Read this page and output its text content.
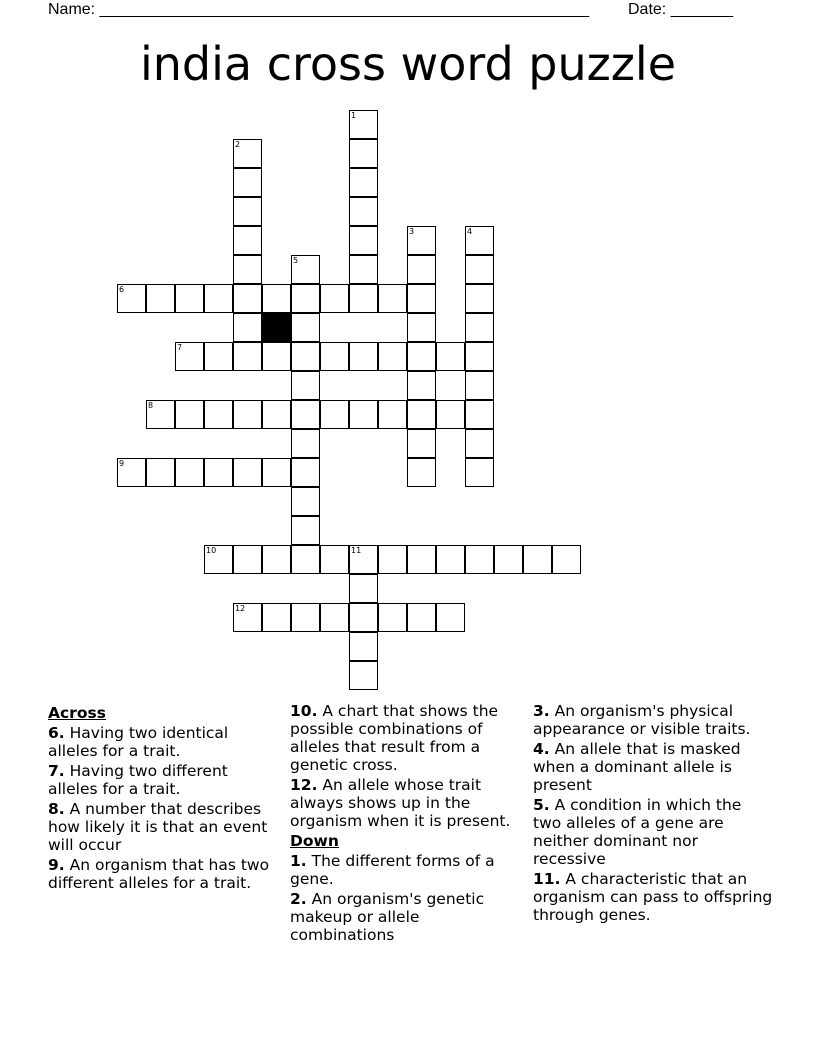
Name: _______________________________________________________ Date: _______
india cross word puzzle
1
2
3	4
5
11
6
7
8
9
10
12
Across
6. Having two identical alleles for a trait.
7. Having two different alleles for a trait.
8. A number that describes how likely it is that an event will occur
9. An organism that has two different alleles for a trait.
10. A chart that shows the possible combinations of alleles that result from a genetic cross.
12. An allele whose trait always shows up in the organism when it is present.
Down
1. The different forms of a gene.
2. An organism's genetic makeup or allele combinations
3. An organism's physical appearance or visible traits.
4. An allele that is masked when a dominant allele is present
5. A condition in which the two alleles of a gene are neither dominant nor recessive
11. A characteristic that an organism can pass to offspring through genes.
